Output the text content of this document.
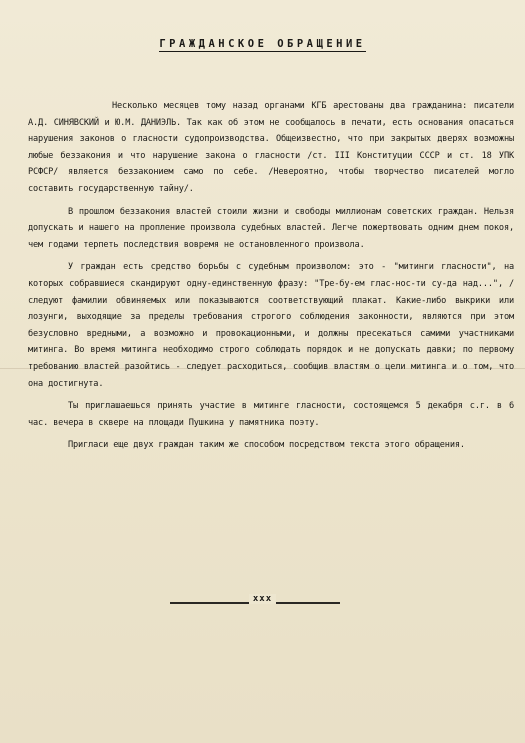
ГРАЖДАНСКОЕ ОБРАЩЕНИЕ

Несколько месяцев тому назад органами КГБ арестованы два гражданина: писатели А.Д. СИНЯВСКИЙ и Ю.М. ДАНИЭЛЬ. Так как об этом не сообщалось в печати, есть основания опасаться нарушения законов о гласности судопроизводства. Общеизвестно, что при закрытых дверях возможны любые беззакония и что нарушение закона о гласности /ст. III Конституции СССР и ст. 18 УПК РСФСР/ является беззаконием само по себе. /Невероятно, чтобы творчество писателей могло составить государственную тайну/.

В прошлом беззакония властей стоили жизни и свободы миллионам советских граждан. Нельзя допускать и нашего на пропление произвола судебных властей. Легче пожертвовать одним днем покоя, чем годами терпеть последствия вовремя не остановленного произвола.

У граждан есть средство борьбы с судебным произволом: это - "митинги гласности", на которых собравшиеся скандируют одну-единственную фразу: "Тре-бу-ем глас-нос-ти су-да над...", /следуют фамилии обвиняемых или показываются соответствующий плакат. Какие-либо выкрики или лозунги, выходящие за пределы требования строгого соблюдения законности, являются при этом безусловно вредными, а возможно и провокационными, и должны пресекаться самими участниками митинга. Во время митинга необходимо строго соблюдать порядок и не допускать давки; по первому требованию властей разойтись - следует расходиться, сообщив властям о цели митинга и о том, что она достигнута.

Ты приглашаешься принять участие в митинге гласности, состоящемся 5 декабря с.г. в 6 час. вечера в сквере на площади Пушкина у памятника поэту.

Пригласи еще двух граждан таким же способом посредством текста этого обращения.

ххх
